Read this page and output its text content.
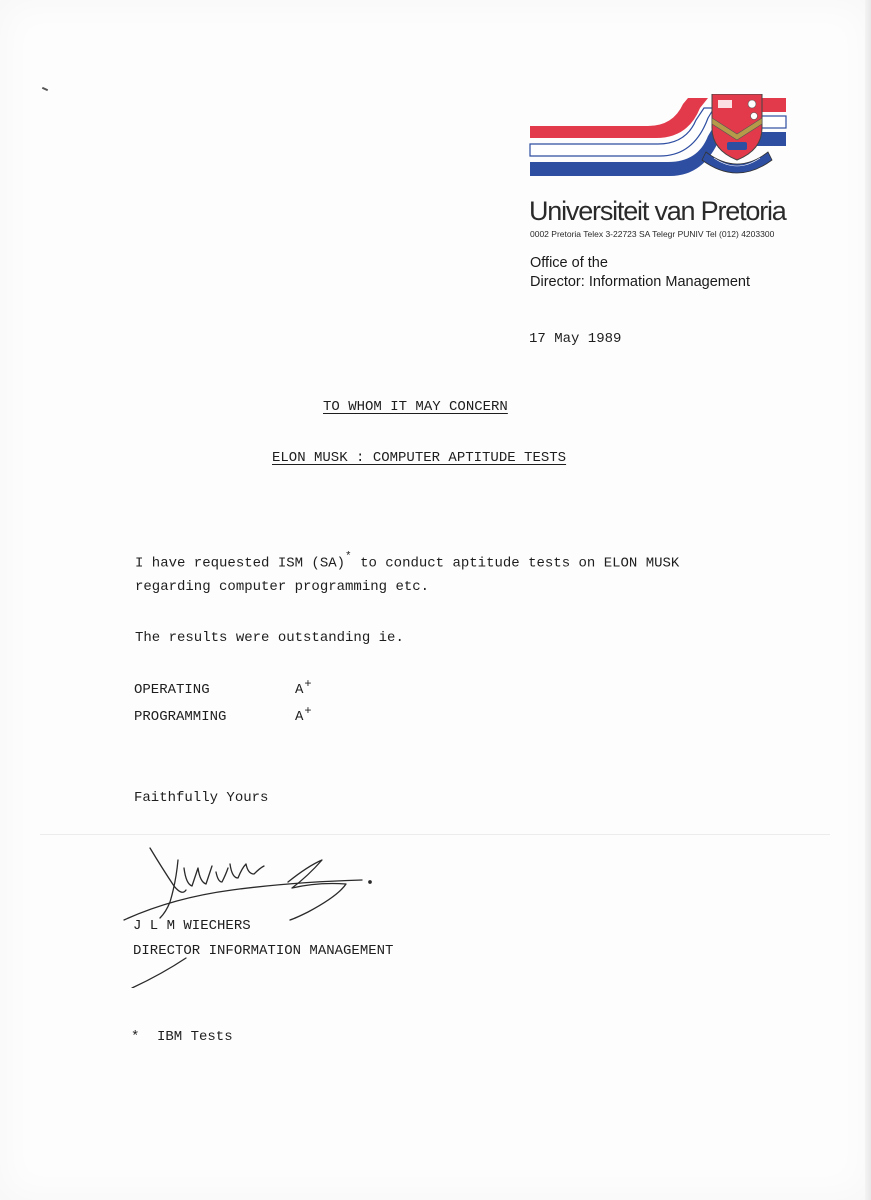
Universiteit van Pretoria
0002 Pretoria Telex 3-22723 SA Telegr PUNIV Tel (012) 4203300
Office of the
Director: Information Management
17 May 1989
TO WHOM IT MAY CONCERN
ELON MUSK : COMPUTER APTITUDE TESTS
I have requested ISM (SA)* to conduct aptitude tests on ELON MUSK
regarding computer programming etc.
The results were outstanding ie.
OPERATING	A+
PROGRAMMING	A+
Faithfully Yours
J L M WIECHERS
DIRECTOR INFORMATION MANAGEMENT
* IBM Tests
